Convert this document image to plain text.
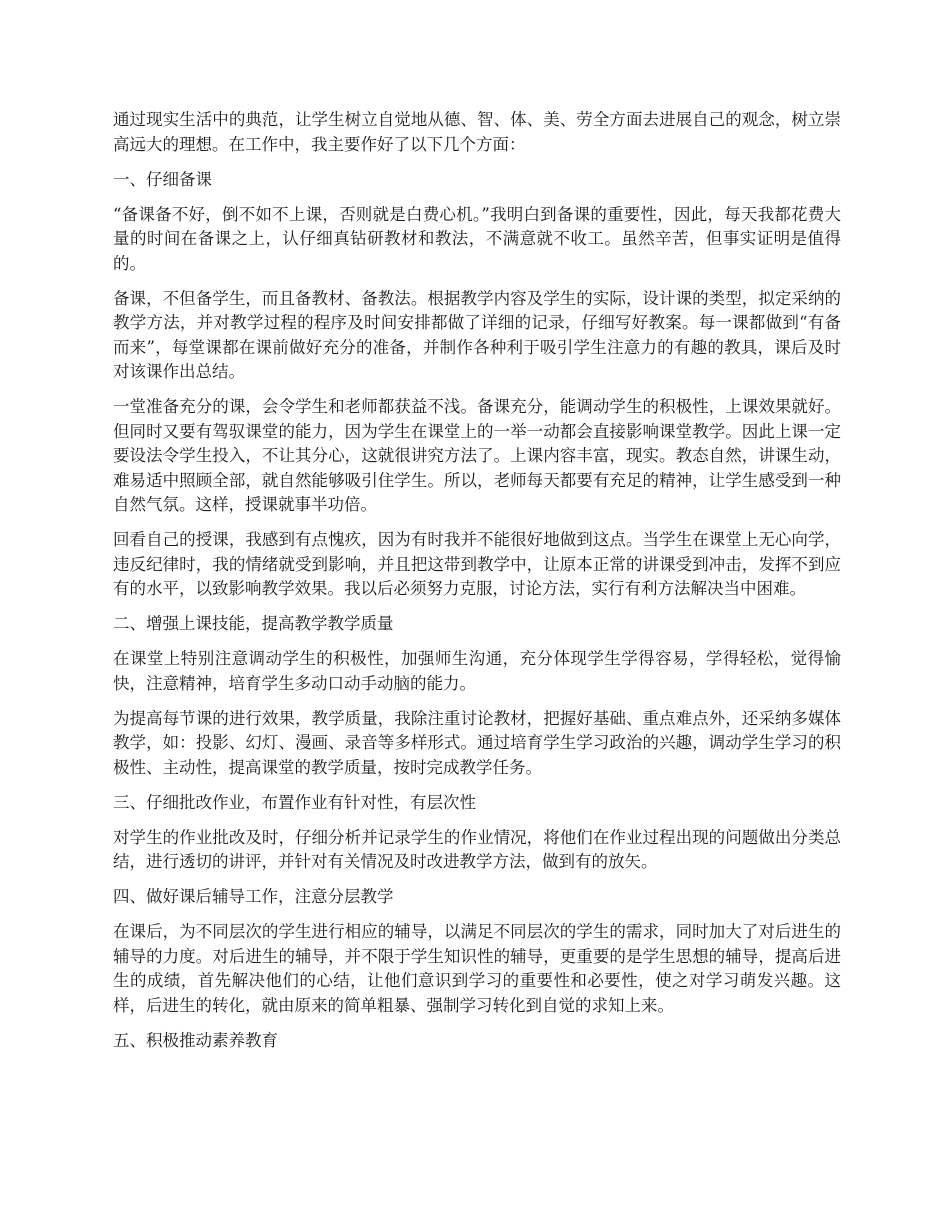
通过现实生活中的典范，让学生树立自觉地从德、智、体、美、劳全方面去进展自己的观念，树立崇高远大的理想。在工作中，我主要作好了以下几个方面：

一、仔细备课

“备课备不好，倒不如不上课，否则就是白费心机。”我明白到备课的重要性，因此，每天我都花费大量的时间在备课之上，认仔细真钻研教材和教法，不满意就不收工。虽然辛苦，但事实证明是值得的。

备课，不但备学生，而且备教材、备教法。根据教学内容及学生的实际，设计课的类型，拟定采纳的教学方法，并对教学过程的程序及时间安排都做了详细的记录，仔细写好教案。每一课都做到“有备而来”，每堂课都在课前做好充分的准备，并制作各种利于吸引学生注意力的有趣的教具，课后及时对该课作出总结。

一堂准备充分的课，会令学生和老师都获益不浅。备课充分，能调动学生的积极性，上课效果就好。但同时又要有驾驭课堂的能力，因为学生在课堂上的一举一动都会直接影响课堂教学。因此上课一定要设法令学生投入，不让其分心，这就很讲究方法了。上课内容丰富，现实。教态自然，讲课生动，难易适中照顾全部，就自然能够吸引住学生。所以，老师每天都要有充足的精神，让学生感受到一种自然气氛。这样，授课就事半功倍。

回看自己的授课，我感到有点愧疚，因为有时我并不能很好地做到这点。当学生在课堂上无心向学，违反纪律时，我的情绪就受到影响，并且把这带到教学中，让原本正常的讲课受到冲击，发挥不到应有的水平，以致影响教学效果。我以后必须努力克服，讨论方法，实行有利方法解决当中困难。

二、增强上课技能，提高教学教学质量

在课堂上特别注意调动学生的积极性，加强师生沟通，充分体现学生学得容易，学得轻松，觉得愉快，注意精神，培育学生多动口动手动脑的能力。

为提高每节课的进行效果，教学质量，我除注重讨论教材，把握好基础、重点难点外，还采纳多媒体教学，如：投影、幻灯、漫画、录音等多样形式。通过培育学生学习政治的兴趣，调动学生学习的积极性、主动性，提高课堂的教学质量，按时完成教学任务。

三、仔细批改作业，布置作业有针对性，有层次性

对学生的作业批改及时，仔细分析并记录学生的作业情况，将他们在作业过程出现的问题做出分类总结，进行透切的讲评，并针对有关情况及时改进教学方法，做到有的放矢。

四、做好课后辅导工作，注意分层教学

在课后，为不同层次的学生进行相应的辅导，以满足不同层次的学生的需求，同时加大了对后进生的辅导的力度。对后进生的辅导，并不限于学生知识性的辅导，更重要的是学生思想的辅导，提高后进生的成绩，首先解决他们的心结，让他们意识到学习的重要性和必要性，使之对学习萌发兴趣。这样，后进生的转化，就由原来的简单粗暴、强制学习转化到自觉的求知上来。

五、积极推动素养教育
